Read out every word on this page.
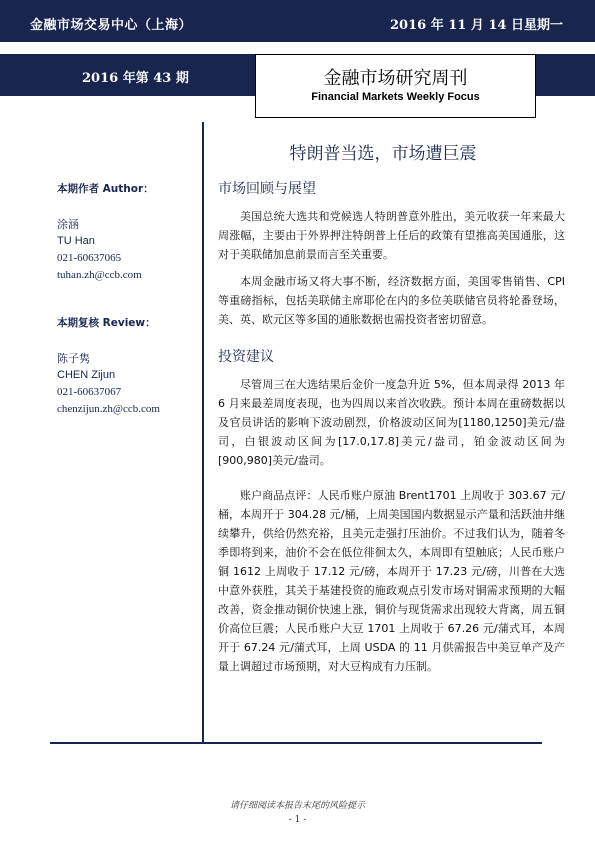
金融市场交易中心（上海）	2016 年 11 月 14 日星期一
2016 年第 43 期	金融市场研究周刊
Financial Markets Weekly Focus
本期作者 Author：
涂涵
TU Han
021-60637065
tuhan.zh@ccb.com
本期复核 Review：
陈子隽
CHEN Zijun
021-60637067
chenzijun.zh@ccb.com
特朗普当选，市场遭巨震
市场回顾与展望
美国总统大选共和党候选人特朗普意外胜出，美元收获一年来最大周涨幅，主要由于外界押注特朗普上任后的政策有望推高美国通胀，这对于美联储加息前景而言至关重要。
本周金融市场又将大事不断，经济数据方面，美国零售销售、CPI 等重磅指标，包括美联储主席耶伦在内的多位美联储官员将轮番登场，美、英、欧元区等多国的通胀数据也需投资者密切留意。
投资建议
尽管周三在大选结果后金价一度急升近 5%，但本周录得 2013 年 6 月来最差周度表现，也为四周以来首次收跌。预计本周在重磅数据以及官员讲话的影响下波动剧烈，价格波动区间为[1180,1250]美元/盎司，白银波动区间为[17.0,17.8]美元/盎司，铂金波动区间为[900,980]美元/盎司。
账户商品点评：人民币账户原油 Brent1701 上周收于 303.67 元/桶，本周开于 304.28 元/桶，上周美国国内数据显示产量和活跃油井继续攀升，供给仍然充裕，且美元走强打压油价。不过我们认为，随着冬季即将到来，油价不会在低位徘徊太久，本周即有望触底；人民币账户铜 1612 上周收于 17.12 元/磅，本周开于 17.23 元/磅，川普在大选中意外获胜，其关于基建投资的施政观点引发市场对铜需求预期的大幅改善，资金推动铜价快速上涨，铜价与现货需求出现较大背离，周五铜价高位巨震；人民币账户大豆 1701 上周收于 67.26 元/蒲式耳，本周开于 67.24 元/蒲式耳，上周 USDA 的 11 月供需报告中美豆单产及产量上调超过市场预期，对大豆构成有力压制。
请仔细阅读本报告末尾的风险提示
- 1 -
